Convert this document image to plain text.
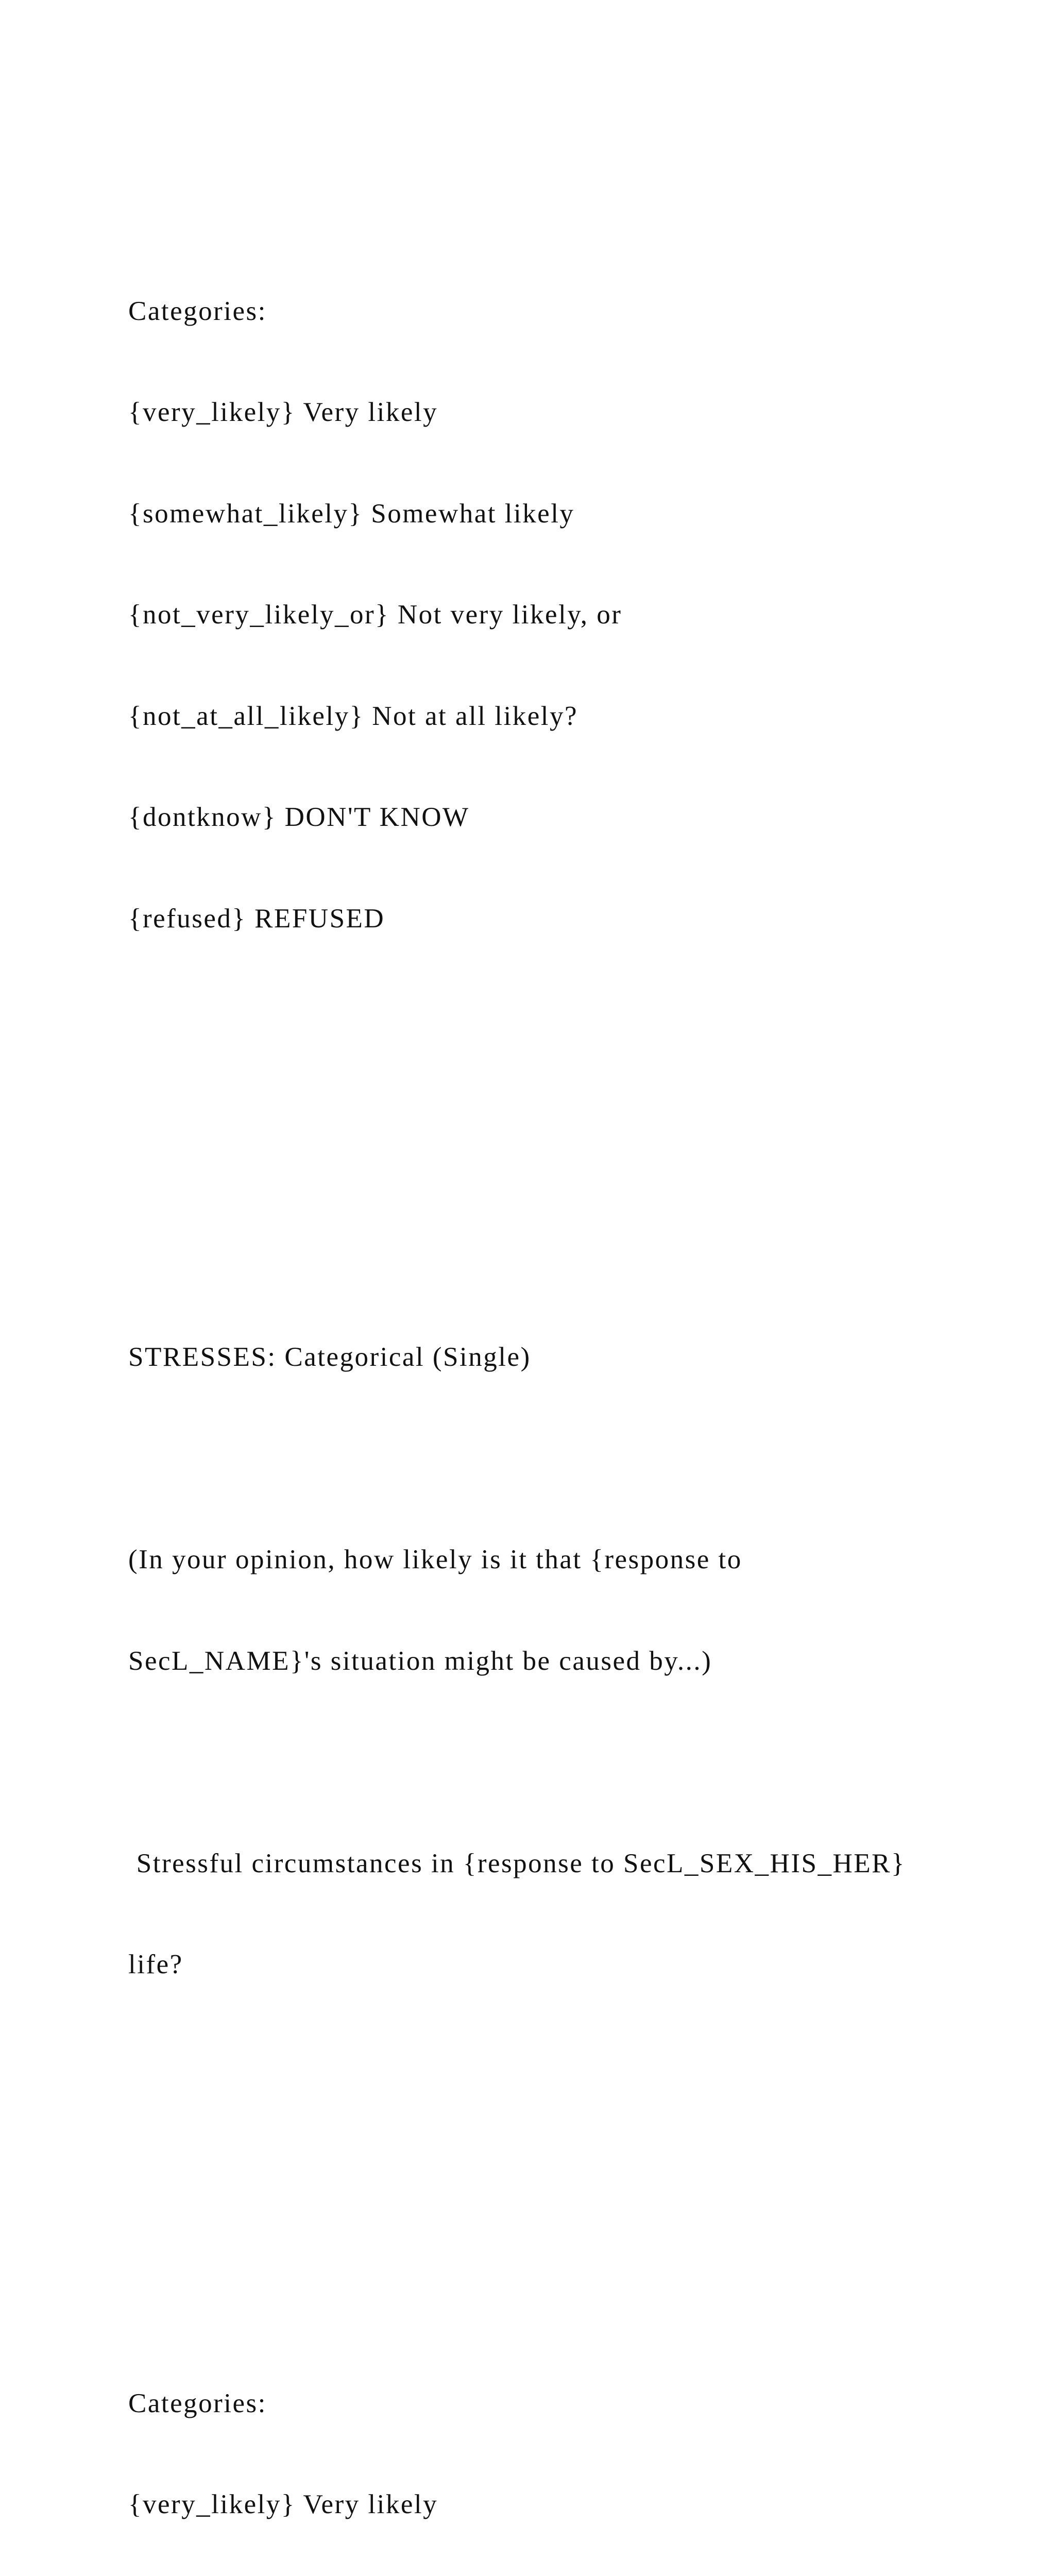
Categories:

{very_likely} Very likely

{somewhat_likely} Somewhat likely

{not_very_likely_or} Not very likely, or

{not_at_all_likely} Not at all likely?

{dontknow} DON'T KNOW

{refused} REFUSED

STRESSES: Categorical (Single)

(In your opinion, how likely is it that {response to

SecL_NAME}'s situation might be caused by...)

Stressful circumstances in {response to SecL_SEX_HIS_HER}

life?

Categories:

{very_likely} Very likely
